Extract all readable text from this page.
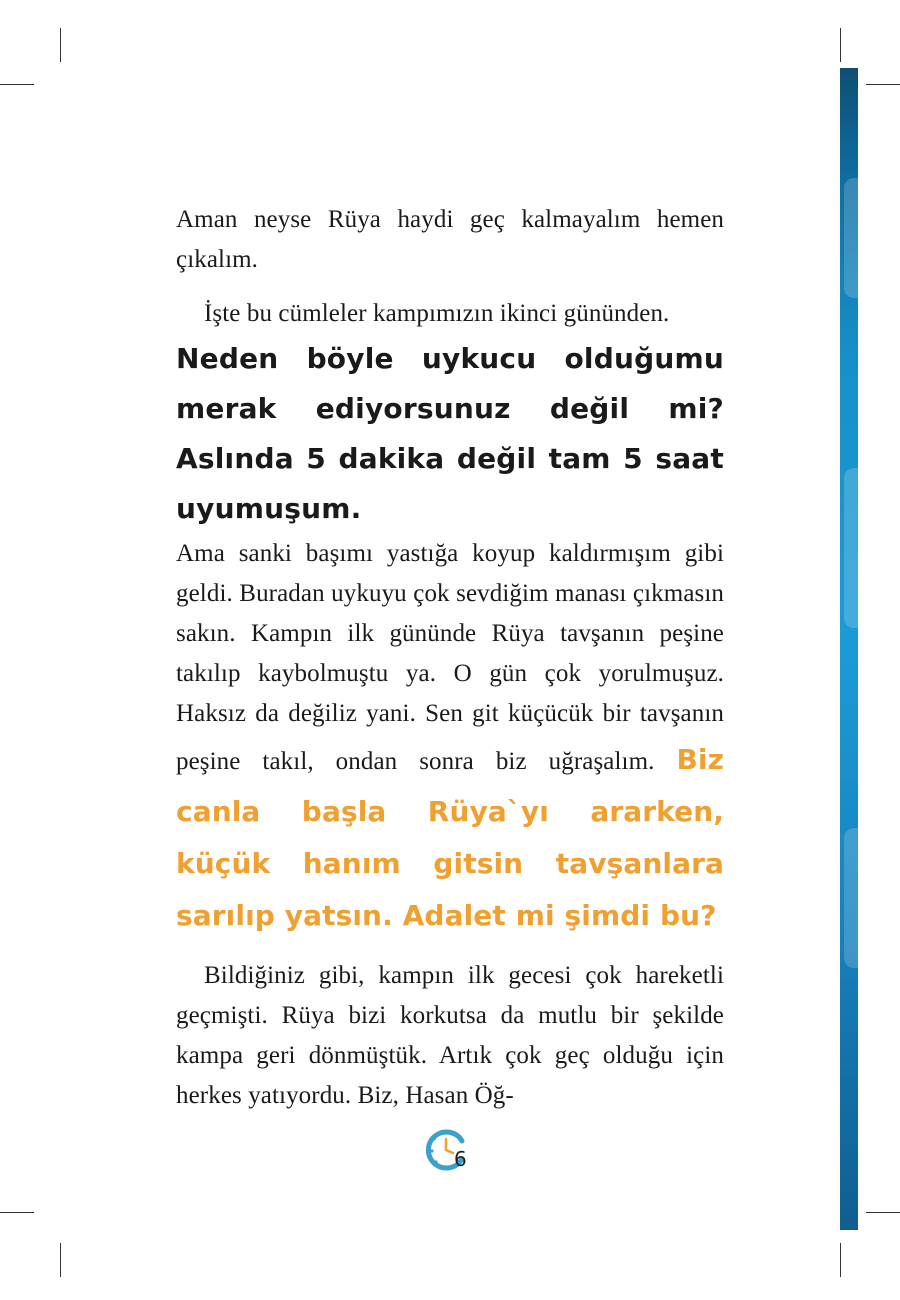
Aman neyse Rüya haydi geç kalmayalım hemen çıkalım.

İşte bu cümleler kampımızın ikinci gününden.

Neden böyle uykucu olduğumu merak ediyorsunuz değil mi? Aslında 5 dakika değil tam 5 saat uyumuşum.

Ama sanki başımı yastığa koyup kaldırmışım gibi geldi. Buradan uykuyu çok sevdiğim manası çıkmasın sakın. Kampın ilk gününde Rüya tavşanın peşine takılıp kaybolmuştu ya. O gün çok yorulmuşuz. Haksız da değiliz yani. Sen git küçücük bir tavşanın peşine takıl, ondan sonra biz uğraşalım. Biz canla başla Rüya`yı ararken, küçük hanım gitsin tavşanlara sarılıp yatsın. Adalet mi şimdi bu?

Bildiğiniz gibi, kampın ilk gecesi çok hareketli geçmişti. Rüya bizi korkutsa da mutlu bir şekilde kampa geri dönmüştük. Artık çok geç olduğu için herkes yatıyordu. Biz, Hasan Öğ-

6
